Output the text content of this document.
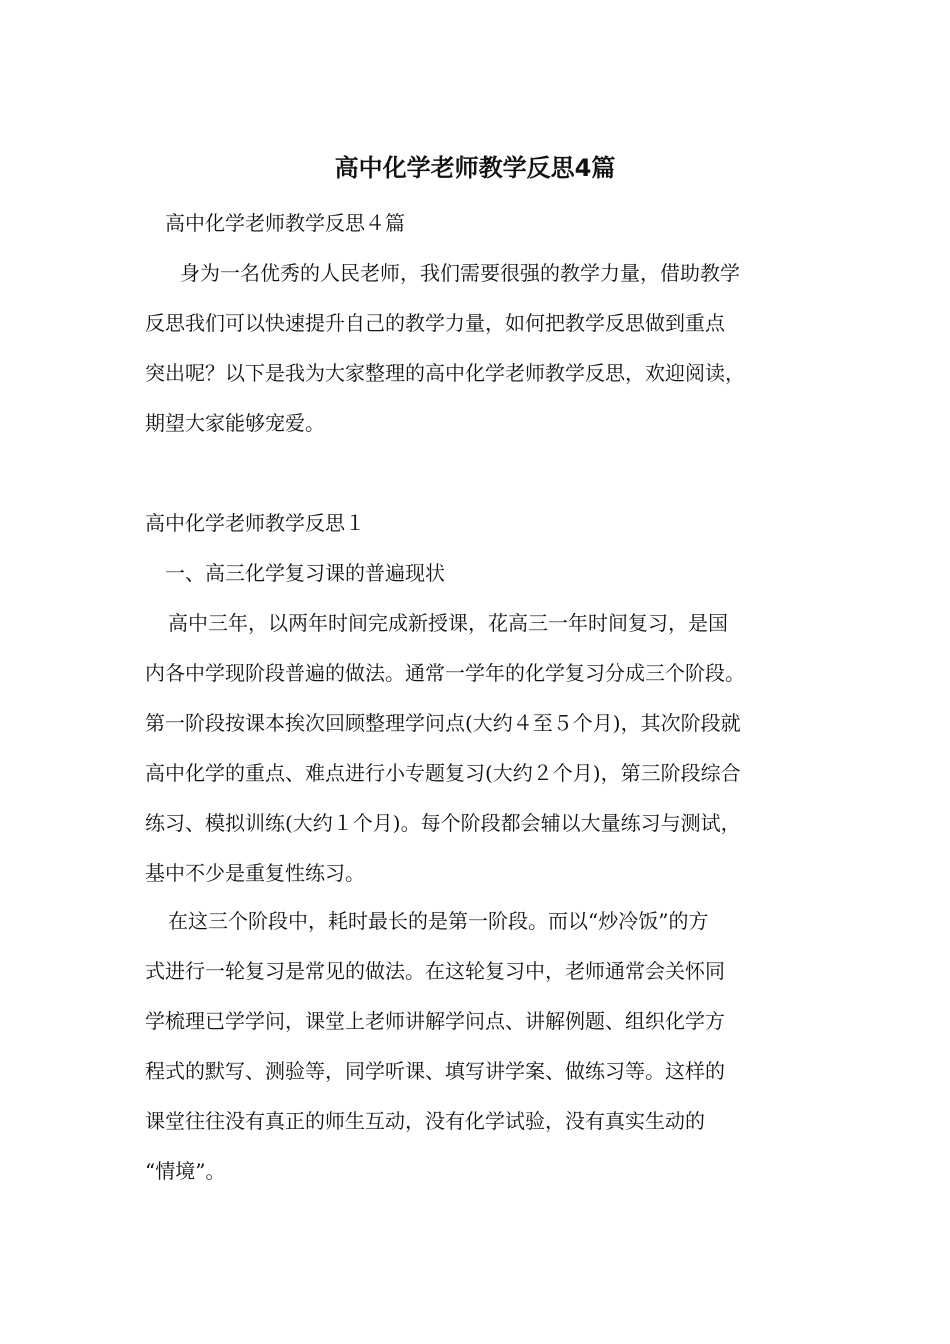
高中化学老师教学反思4篇
高中化学老师教学反思４篇
身为一名优秀的人民老师，我们需要很强的教学力量，借助教学
反思我们可以快速提升自己的教学力量，如何把教学反思做到重点
突出呢？以下是我为大家整理的高中化学老师教学反思，欢迎阅读，
期望大家能够宠爱。
高中化学老师教学反思１
一、高三化学复习课的普遍现状
高中三年，以两年时间完成新授课，花高三一年时间复习，是国
内各中学现阶段普遍的做法。通常一学年的化学复习分成三个阶段。
第一阶段按课本挨次回顾整理学问点(大约４至５个月)，其次阶段就
高中化学的重点、难点进行小专题复习(大约２个月)，第三阶段综合
练习、模拟训练(大约１个月)。每个阶段都会辅以大量练习与测试，
基中不少是重复性练习。
在这三个阶段中，耗时最长的是第一阶段。而以“炒冷饭”的方
式进行一轮复习是常见的做法。在这轮复习中，老师通常会关怀同
学梳理已学学问，课堂上老师讲解学问点、讲解例题、组织化学方
程式的默写、测验等，同学听课、填写讲学案、做练习等。这样的
课堂往往没有真正的师生互动，没有化学试验，没有真实生动的
“情境”。
